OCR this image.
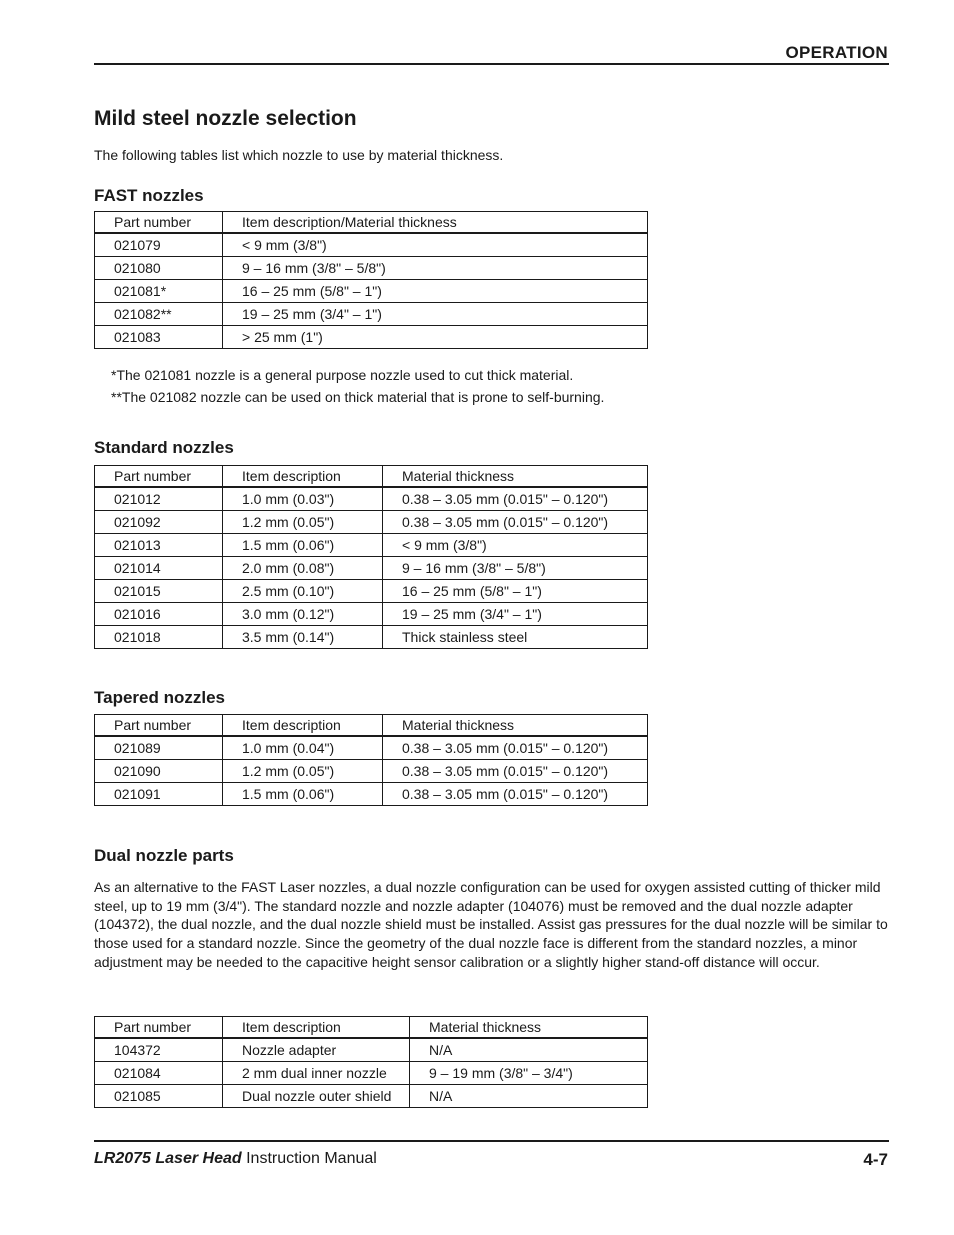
OPERATION
Mild steel nozzle selection
The following tables list which nozzle to use by material thickness.
FAST nozzles
Part number	Item description/Material thickness
021079	< 9 mm (3/8")
021080	9 – 16 mm (3/8" – 5/8")
021081*	16 – 25 mm (5/8" – 1")
021082**	19 – 25 mm (3/4" – 1")
021083	> 25 mm (1")
*The 021081 nozzle is a general purpose nozzle used to cut thick material.
**The 021082 nozzle can be used on thick material that is prone to self-burning.
Standard nozzles
Part number	Item description	Material thickness
021012	1.0 mm (0.03")	0.38 – 3.05 mm (0.015" – 0.120")
021092	1.2 mm (0.05")	0.38 – 3.05 mm (0.015" – 0.120")
021013	1.5 mm (0.06")	< 9 mm (3/8")
021014	2.0 mm (0.08")	9 – 16 mm (3/8" – 5/8")
021015	2.5 mm (0.10")	16 – 25 mm (5/8" – 1")
021016	3.0 mm (0.12")	19 – 25 mm (3/4" – 1")
021018	3.5 mm (0.14")	Thick stainless steel
Tapered nozzles
Part number	Item description	Material thickness
021089	1.0 mm (0.04")	0.38 – 3.05 mm (0.015" – 0.120")
021090	1.2 mm (0.05")	0.38 – 3.05 mm (0.015" – 0.120")
021091	1.5 mm (0.06")	0.38 – 3.05 mm (0.015" – 0.120")
Dual nozzle parts
As an alternative to the FAST Laser nozzles, a dual nozzle configuration can be used for oxygen assisted cutting of thicker mild steel, up to 19 mm (3/4"). The standard nozzle and nozzle adapter (104076) must be removed and the dual nozzle adapter (104372), the dual nozzle, and the dual nozzle shield must be installed. Assist gas pressures for the dual nozzle will be similar to those used for a standard nozzle. Since the geometry of the dual nozzle face is different from the standard nozzles, a minor adjustment may be needed to the capacitive height sensor calibration or a slightly higher stand-off distance will occur.
Part number	Item description	Material thickness
104372	Nozzle adapter	N/A
021084	2 mm dual inner nozzle	9 – 19 mm (3/8" – 3/4")
021085	Dual nozzle outer shield	N/A
LR2075 Laser Head Instruction Manual	4-7
